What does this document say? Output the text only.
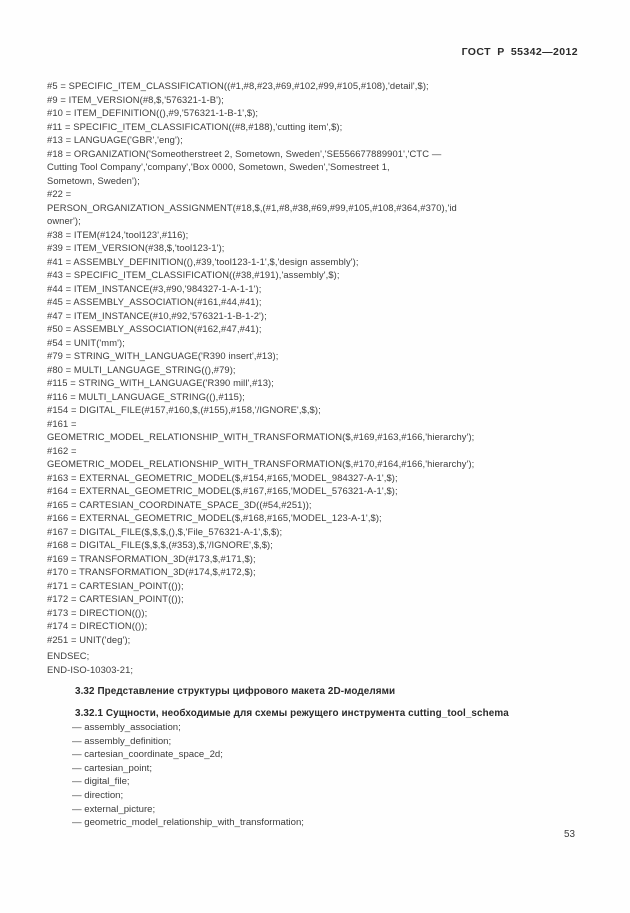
ГОСТ Р 55342—2012
#5 = SPECIFIC_ITEM_CLASSIFICATION((#1,#8,#23,#69,#102,#99,#105,#108),'detail',$);
#9 = ITEM_VERSION(#8,$,'576321-1-B');
#10 = ITEM_DEFINITION((),#9,'576321-1-B-1',$);
#11 = SPECIFIC_ITEM_CLASSIFICATION((#8,#188),'cutting item',$);
#13 = LANGUAGE('GBR','eng');
#18 = ORGANIZATION('Someotherstreet 2, Sometown, Sweden','SE556677889901','CTC —
Cutting Tool Company','company','Box 0000, Sometown, Sweden','Somestreet 1,
Sometown, Sweden');
#22 =
PERSON_ORGANIZATION_ASSIGNMENT(#18,$,(#1,#8,#38,#69,#99,#105,#108,#364,#370),'id
owner');
#38 = ITEM(#124,'tool123',#116);
#39 = ITEM_VERSION(#38,$,'tool123-1');
#41 = ASSEMBLY_DEFINITION((),#39,'tool123-1-1',$,'design assembly');
#43 = SPECIFIC_ITEM_CLASSIFICATION((#38,#191),'assembly',$);
#44 = ITEM_INSTANCE(#3,#90,'984327-1-A-1-1');
#45 = ASSEMBLY_ASSOCIATION(#161,#44,#41);
#47 = ITEM_INSTANCE(#10,#92,'576321-1-B-1-2');
#50 = ASSEMBLY_ASSOCIATION(#162,#47,#41);
#54 = UNIT('mm');
#79 = STRING_WITH_LANGUAGE('R390 insert',#13);
#80 = MULTI_LANGUAGE_STRING((),#79);
#115 = STRING_WITH_LANGUAGE('R390 mill',#13);
#116 = MULTI_LANGUAGE_STRING((),#115);
#154 = DIGITAL_FILE(#157,#160,$,(#155),#158,'/IGNORE',$,$);
#161 =
GEOMETRIC_MODEL_RELATIONSHIP_WITH_TRANSFORMATION($,#169,#163,#166,'hierarchy');
#162 =
GEOMETRIC_MODEL_RELATIONSHIP_WITH_TRANSFORMATION($,#170,#164,#166,'hierarchy');
#163 = EXTERNAL_GEOMETRIC_MODEL($,#154,#165,'MODEL_984327-A-1',$);
#164 = EXTERNAL_GEOMETRIC_MODEL($,#167,#165,'MODEL_576321-A-1',$);
#165 = CARTESIAN_COORDINATE_SPACE_3D((#54,#251));
#166 = EXTERNAL_GEOMETRIC_MODEL($,#168,#165,'MODEL_123-A-1',$);
#167 = DIGITAL_FILE($,$,$,(),$,'File_576321-A-1',$,$);
#168 = DIGITAL_FILE($,$,$,(#353),$,'/IGNORE',$,$);
#169 = TRANSFORMATION_3D(#173,$,#171,$);
#170 = TRANSFORMATION_3D(#174,$,#172,$);
#171 = CARTESIAN_POINT(());
#172 = CARTESIAN_POINT(());
#173 = DIRECTION(());
#174 = DIRECTION(());
#251 = UNIT('deg');
ENDSEC;
END-ISO-10303-21;
3.32 Представление структуры цифрового макета 2D-моделями
3.32.1 Сущности, необходимые для схемы режущего инструмента cutting_tool_schema
— assembly_association;
— assembly_definition;
— cartesian_coordinate_space_2d;
— cartesian_point;
— digital_file;
— direction;
— external_picture;
— geometric_model_relationship_with_transformation;
53
